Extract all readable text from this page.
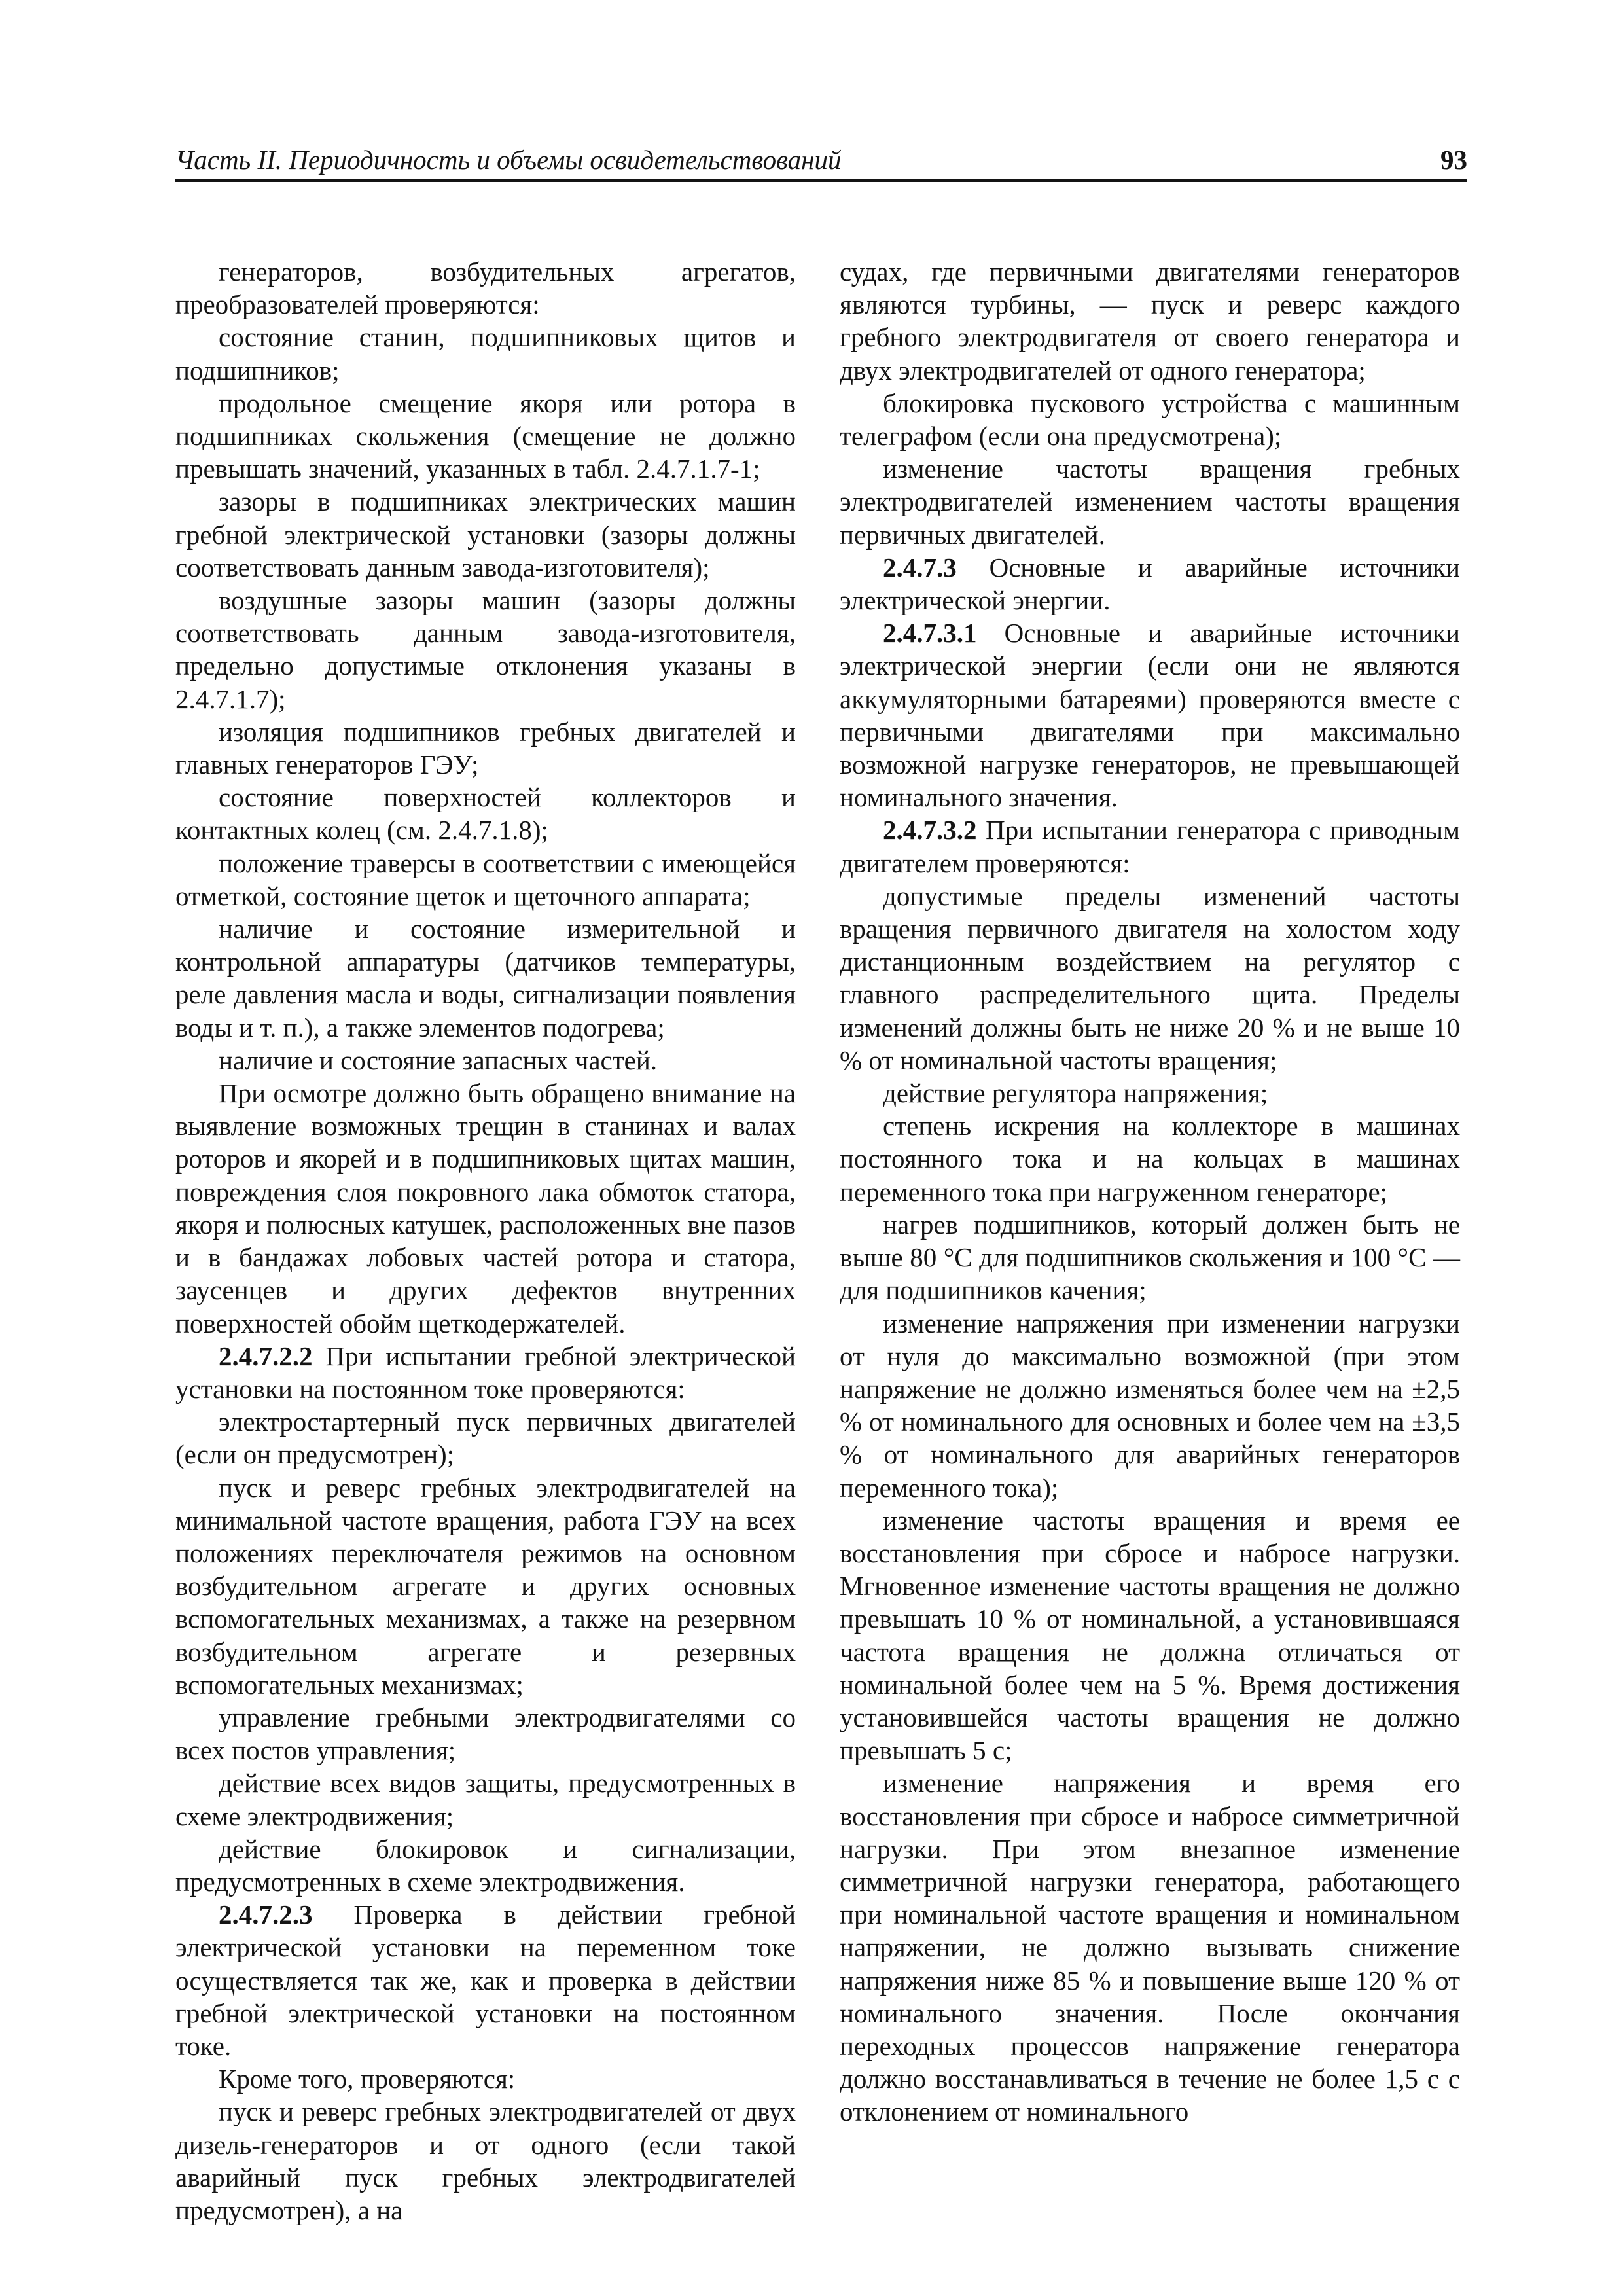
Часть II. Периодичность и объемы освидетельствований	93

генераторов, возбудительных агрегатов, преобразователей проверяются:

состояние станин, подшипниковых щитов и подшипников;

продольное смещение якоря или ротора в подшипниках скольжения (смещение не должно превышать значений, указанных в табл. 2.4.7.1.7-1;

зазоры в подшипниках электрических машин гребной электрической установки (зазоры должны соответствовать данным завода-изготовителя);

воздушные зазоры машин (зазоры должны соответствовать данным завода-изготовителя, предельно допустимые отклонения указаны в 2.4.7.1.7);

изоляция подшипников гребных двигателей и главных генераторов ГЭУ;

состояние поверхностей коллекторов и контактных колец (см. 2.4.7.1.8);

положение траверсы в соответствии с имеющейся отметкой, состояние щеток и щеточного аппарата;

наличие и состояние измерительной и контрольной аппаратуры (датчиков температуры, реле давления масла и воды, сигнализации появления воды и т. п.), а также элементов подогрева;

наличие и состояние запасных частей.

При осмотре должно быть обращено внимание на выявление возможных трещин в станинах и валах роторов и якорей и в подшипниковых щитах машин, повреждения слоя покровного лака обмоток статора, якоря и полюсных катушек, расположенных вне пазов и в бандажах лобовых частей ротора и статора, заусенцев и других дефектов внутренних поверхностей обойм щеткодержателей.

2.4.7.2.2 При испытании гребной электрической установки на постоянном токе проверяются:

электростартерный пуск первичных двигателей (если он предусмотрен);

пуск и реверс гребных электродвигателей на минимальной частоте вращения, работа ГЭУ на всех положениях переключателя режимов на основном возбудительном агрегате и других основных вспомогательных механизмах, а также на резервном возбудительном агрегате и резервных вспомогательных механизмах;

управление гребными электродвигателями со всех постов управления;

действие всех видов защиты, предусмотренных в схеме электродвижения;

действие блокировок и сигнализации, предусмотренных в схеме электродвижения.

2.4.7.2.3 Проверка в действии гребной электрической установки на переменном токе осуществляется так же, как и проверка в действии гребной электрической установки на постоянном токе.

Кроме того, проверяются:

пуск и реверс гребных электродвигателей от двух дизель-генераторов и от одного (если такой аварийный пуск гребных электродвигателей предусмотрен), а на

судах, где первичными двигателями генераторов являются турбины, — пуск и реверс каждого гребного электродвигателя от своего генератора и двух электродвигателей от одного генератора;

блокировка пускового устройства с машинным телеграфом (если она предусмотрена);

изменение частоты вращения гребных электродвигателей изменением частоты вращения первичных двигателей.

2.4.7.3 Основные и аварийные источники электрической энергии.

2.4.7.3.1 Основные и аварийные источники электрической энергии (если они не являются аккумуляторными батареями) проверяются вместе с первичными двигателями при максимально возможной нагрузке генераторов, не превышающей номинального значения.

2.4.7.3.2 При испытании генератора с приводным двигателем проверяются:

допустимые пределы изменений частоты вращения первичного двигателя на холостом ходу дистанционным воздействием на регулятор с главного распределительного щита. Пределы изменений должны быть не ниже 20 % и не выше 10 % от номинальной частоты вращения;

действие регулятора напряжения;

степень искрения на коллекторе в машинах постоянного тока и на кольцах в машинах переменного тока при нагруженном генераторе;

нагрев подшипников, который должен быть не выше 80 °С для подшипников скольжения и 100 °С — для подшипников качения;

изменение напряжения при изменении нагрузки от нуля до максимально возможной (при этом напряжение не должно изменяться более чем на ±2,5 % от номинального для основных и более чем на ±3,5 % от номинального для аварийных генераторов переменного тока);

изменение частоты вращения и время ее восстановления при сбросе и набросе нагрузки. Мгновенное изменение частоты вращения не должно превышать 10 % от номинальной, а установившаяся частота вращения не должна отличаться от номинальной более чем на 5 %. Время достижения установившейся частоты вращения не должно превышать 5 с;

изменение напряжения и время его восстановления при сбросе и набросе симметричной нагрузки. При этом внезапное изменение симметричной нагрузки генератора, работающего при номинальной частоте вращения и номинальном напряжении, не должно вызывать снижение напряжения ниже 85 % и повышение выше 120 % от номинального значения. После окончания переходных процессов напряжение генератора должно восстанавливаться в течение не более 1,5 с с отклонением от номинального
